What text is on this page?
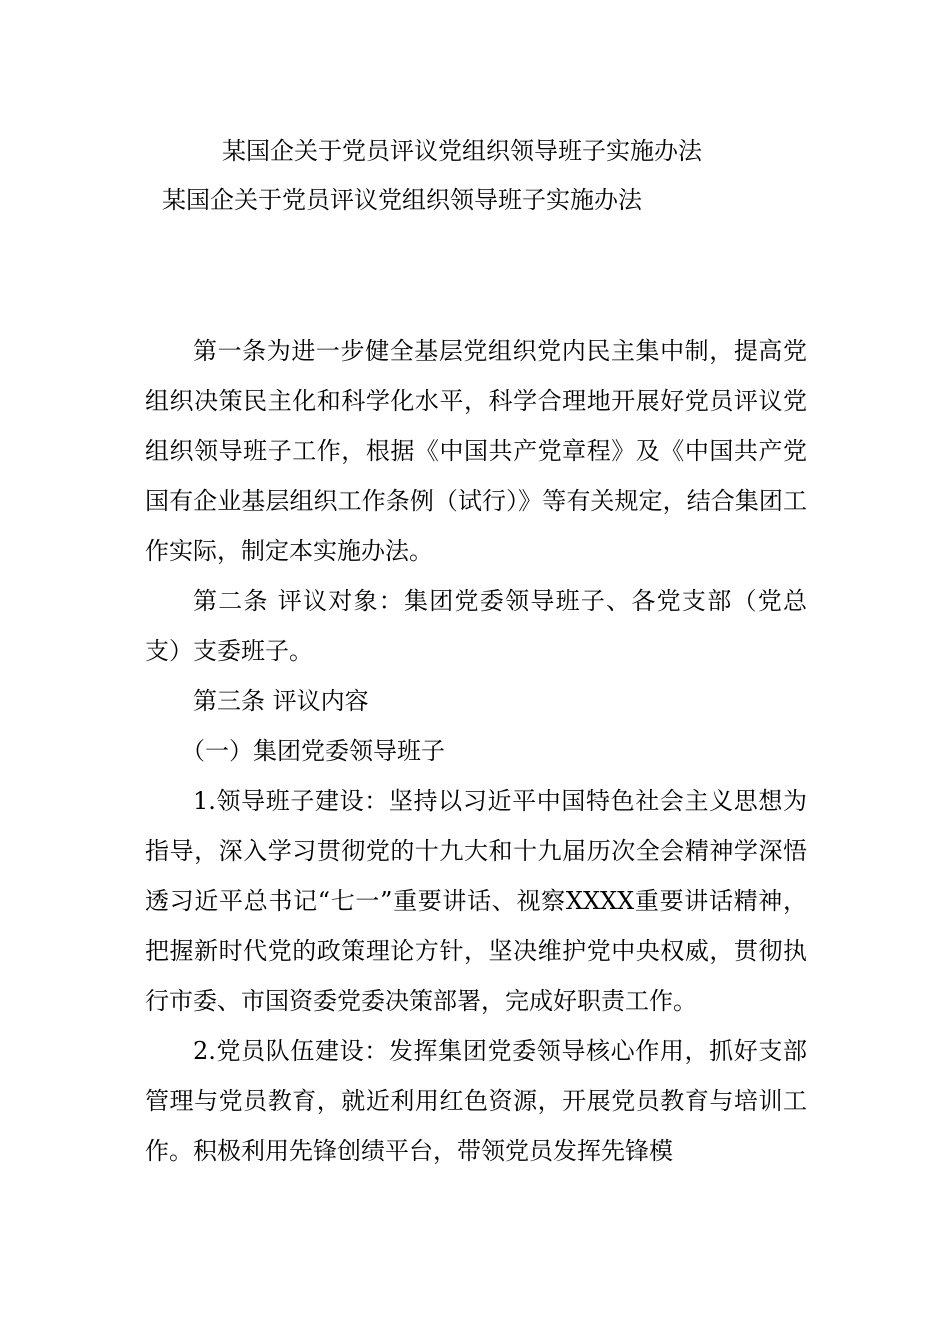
某国企关于党员评议党组织领导班子实施办法
某国企关于党员评议党组织领导班子实施办法

第一条为进一步健全基层党组织党内民主集中制，提高党组织决策民主化和科学化水平，科学合理地开展好党员评议党组织领导班子工作，根据《中国共产党章程》及《中国共产党国有企业基层组织工作条例（试行）》等有关规定，结合集团工作实际，制定本实施办法。

第二条 评议对象：集团党委领导班子、各党支部（党总支）支委班子。

第三条 评议内容

（一）集团党委领导班子

1.领导班子建设：坚持以习近平中国特色社会主义思想为指导，深入学习贯彻党的十九大和十九届历次全会精神学深悟透习近平总书记“七一”重要讲话、视察XXXX重要讲话精神，把握新时代党的政策理论方针，坚决维护党中央权威，贯彻执行市委、市国资委党委决策部署，完成好职责工作。

2.党员队伍建设：发挥集团党委领导核心作用，抓好支部管理与党员教育，就近利用红色资源，开展党员教育与培训工作。积极利用先锋创绩平台，带领党员发挥先锋模
